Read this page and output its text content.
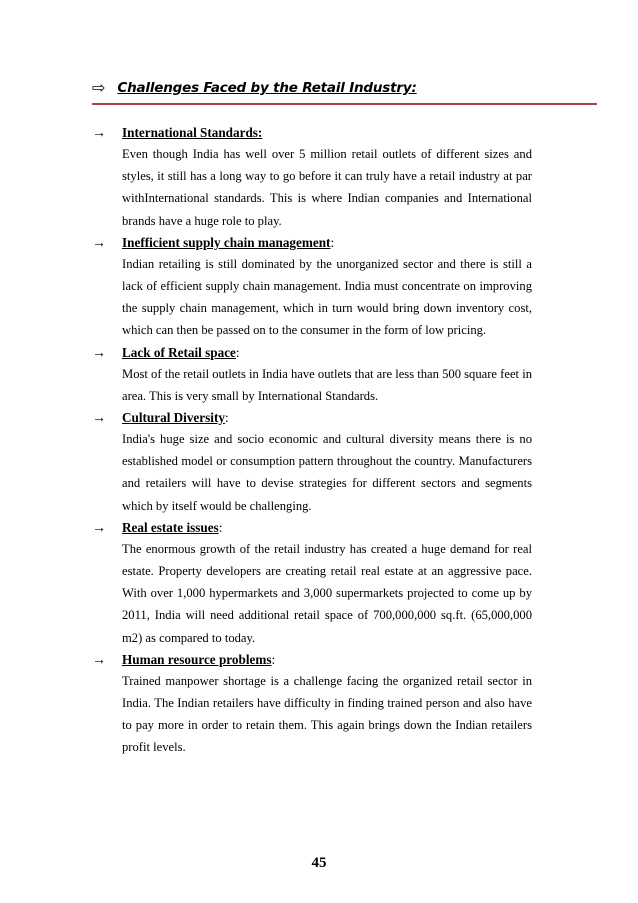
⇨ Challenges Faced by the Retail Industry:
→	International Standards:
Even though India has well over 5 million retail outlets of different sizes and styles, it still has a long way to go before it can truly have a retail industry at par withInternational standards. This is where Indian companies and International brands have a huge role to play.
→	Inefficient supply chain management:
Indian retailing is still dominated by the unorganized sector and there is still a lack of efficient supply chain management. India must concentrate on improving the supply chain management, which in turn would bring down inventory cost, which can then be passed on to the consumer in the form of low pricing.
→	Lack of Retail space:
Most of the retail outlets in India have outlets that are less than 500 square feet in area. This is very small by International Standards.
→	Cultural Diversity:
India's huge size and socio economic and cultural diversity means there is no established model or consumption pattern throughout the country. Manufacturers and retailers will have to devise strategies for different sectors and segments which by itself would be challenging.
→	Real estate issues:
The enormous growth of the retail industry has created a huge demand for real estate. Property developers are creating retail real estate at an aggressive pace. With over 1,000 hypermarkets and 3,000 supermarkets projected to come up by 2011, India will need additional retail space of 700,000,000 sq.ft. (65,000,000 m2) as compared to today.
→	Human resource problems:
Trained manpower shortage is a challenge facing the organized retail sector in India. The Indian retailers have difficulty in finding trained person and also have to pay more in order to retain them. This again brings down the Indian retailers profit levels.
45
